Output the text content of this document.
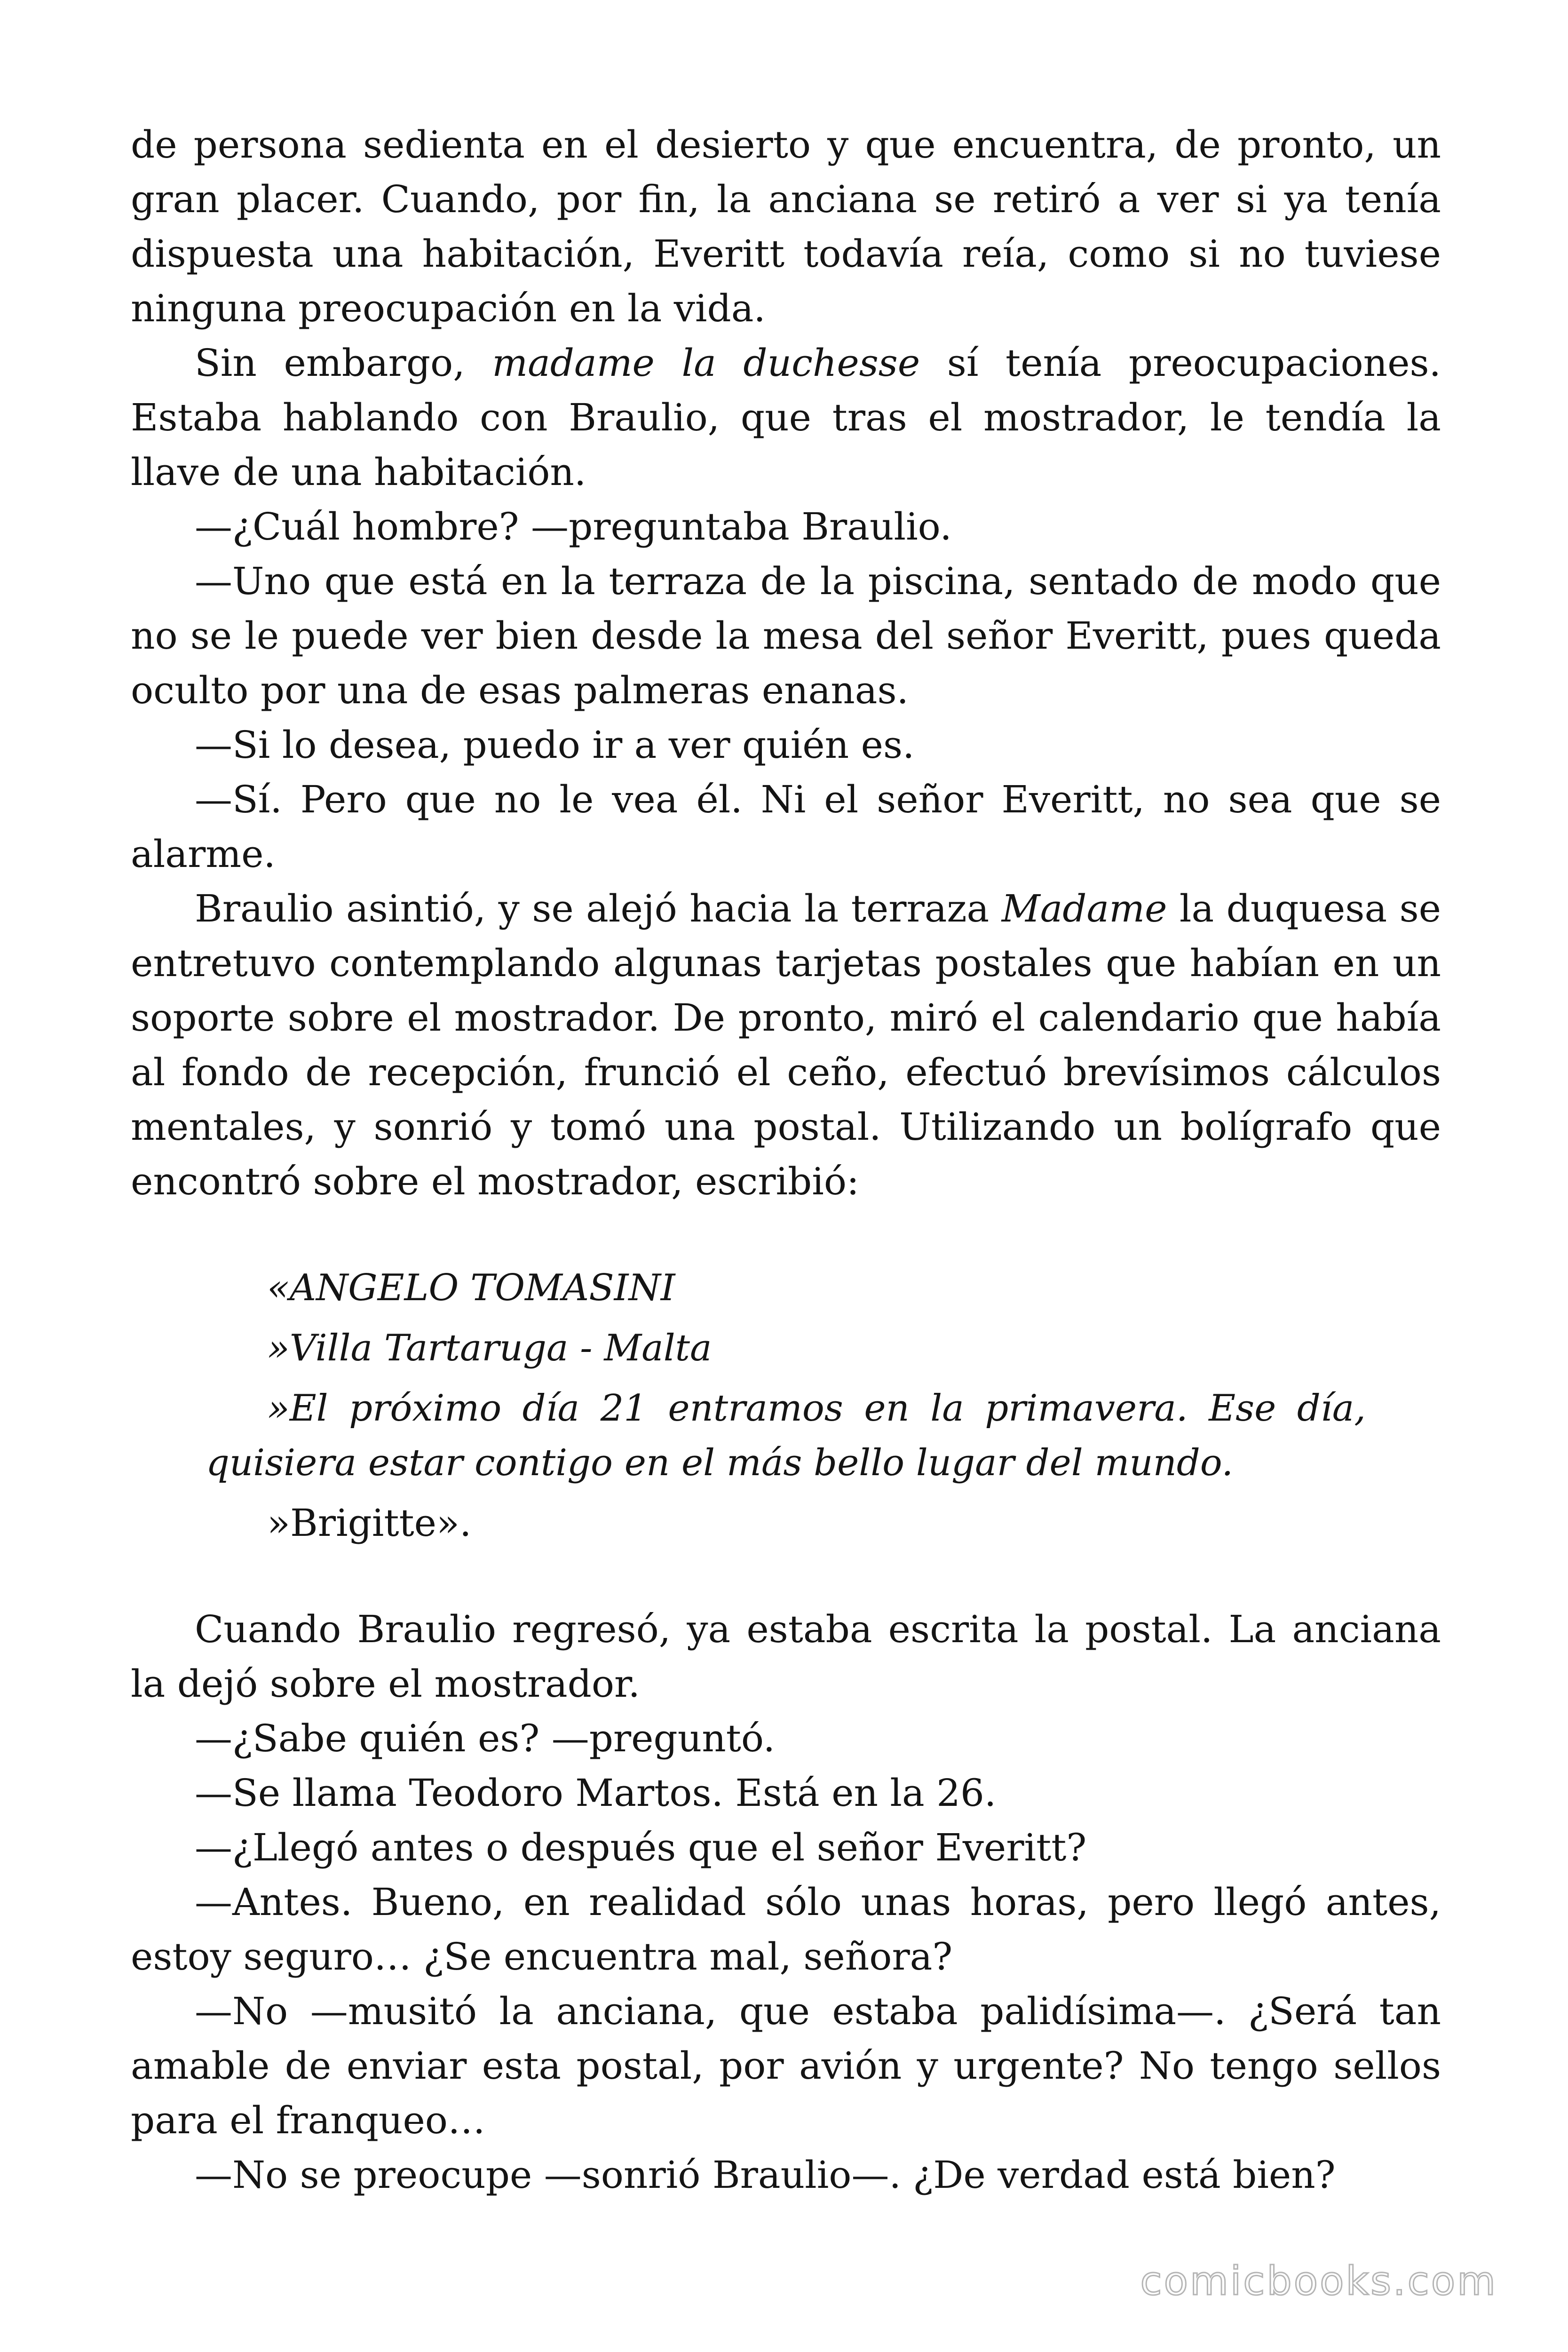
de persona sedienta en el desierto y que encuentra, de pronto, un gran placer. Cuando, por fin, la anciana se retiró a ver si ya tenía dispuesta una habitación, Everitt todavía reía, como si no tuviese ninguna preocupación en la vida.

Sin embargo, madame la duchesse sí tenía preocupaciones. Estaba hablando con Braulio, que tras el mostrador, le tendía la llave de una habitación.

—¿Cuál hombre? —preguntaba Braulio.

—Uno que está en la terraza de la piscina, sentado de modo que no se le puede ver bien desde la mesa del señor Everitt, pues queda oculto por una de esas palmeras enanas.

—Si lo desea, puedo ir a ver quién es.

—Sí. Pero que no le vea él. Ni el señor Everitt, no sea que se alarme.

Braulio asintió, y se alejó hacia la terraza Madame la duquesa se entretuvo contemplando algunas tarjetas postales que habían en un soporte sobre el mostrador. De pronto, miró el calendario que había al fondo de recepción, frunció el ceño, efectuó brevísimos cálculos mentales, y sonrió y tomó una postal. Utilizando un bolígrafo que encontró sobre el mostrador, escribió:

«ANGELO TOMASINI

»Villa Tartaruga - Malta

»El próximo día 21 entramos en la primavera. Ese día, quisiera estar contigo en el más bello lugar del mundo.

»Brigitte».

Cuando Braulio regresó, ya estaba escrita la postal. La anciana la dejó sobre el mostrador.

—¿Sabe quién es? —preguntó.

—Se llama Teodoro Martos. Está en la 26.

—¿Llegó antes o después que el señor Everitt?

—Antes. Bueno, en realidad sólo unas horas, pero llegó antes, estoy seguro… ¿Se encuentra mal, señora?

—No —musitó la anciana, que estaba palidísima—. ¿Será tan amable de enviar esta postal, por avión y urgente? No tengo sellos para el franqueo…

—No se preocupe —sonrió Braulio—. ¿De verdad está bien?

comicbooks.com
